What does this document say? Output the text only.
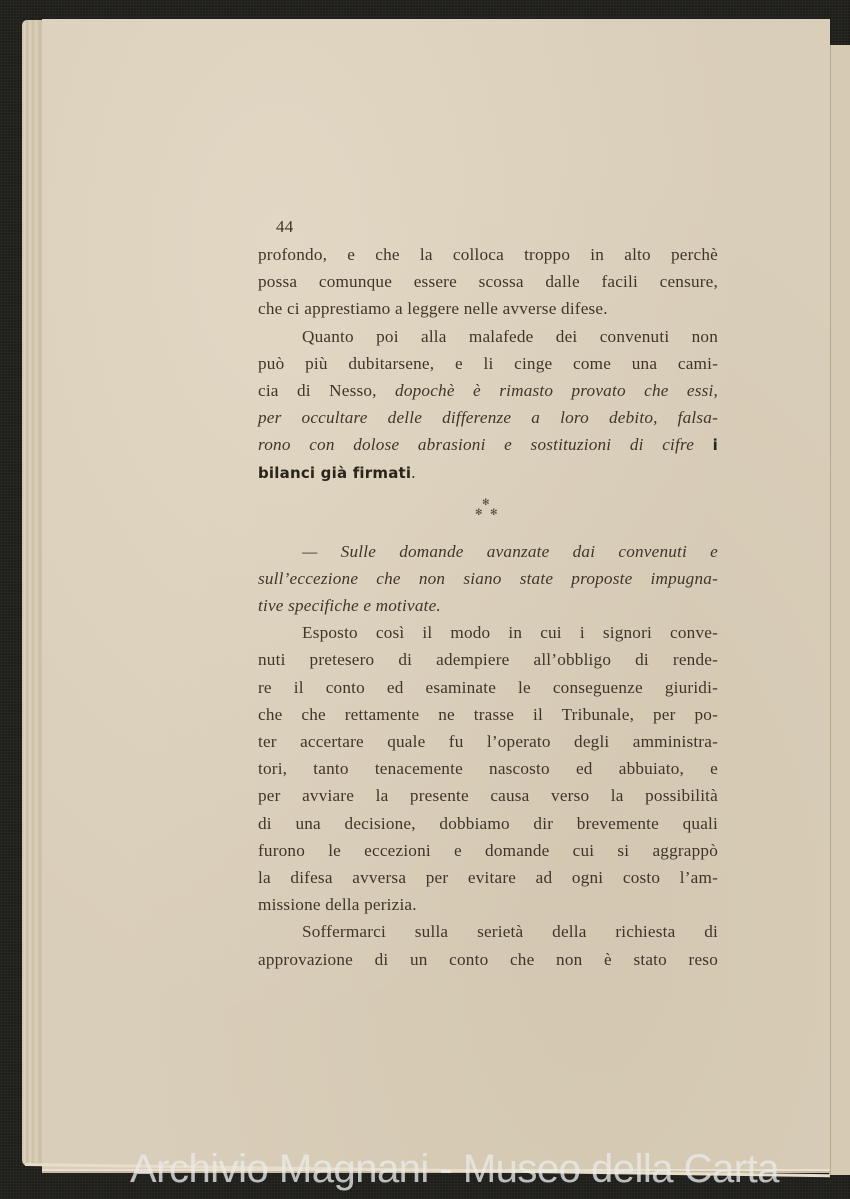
44
profondo, e che la colloca troppo in alto perchè
possa comunque essere scossa dalle facili censure,
che ci apprestiamo a leggere nelle avverse difese.
Quanto poi alla malafede dei convenuti non
può più dubitarsene, e li cinge come una cami-
cia di Nesso, dopochè è rimasto provato che essi,
per occultare delle differenze a loro debito, falsa-
rono con dolose abrasioni e sostituzioni di cifre i
bilanci già firmati.
✻
✻ ✻
— Sulle domande avanzate dai convenuti e
sull’eccezione che non siano state proposte impugna-
tive specifiche e motivate.
Esposto così il modo in cui i signori conve-
nuti pretesero di adempiere all’obbligo di rende-
re il conto ed esaminate le conseguenze giuridi-
che che rettamente ne trasse il Tribunale, per po-
ter accertare quale fu l’operato degli amministra-
tori, tanto tenacemente nascosto ed abbuiato, e
per avviare la presente causa verso la possibilità
di una decisione, dobbiamo dir brevemente quali
furono le eccezioni e domande cui si aggrappò
la difesa avversa per evitare ad ogni costo l’am-
missione della perizia.
Soffermarci sulla serietà della richiesta di
approvazione di un conto che non è stato reso
Archivio Magnani - Museo della Carta
